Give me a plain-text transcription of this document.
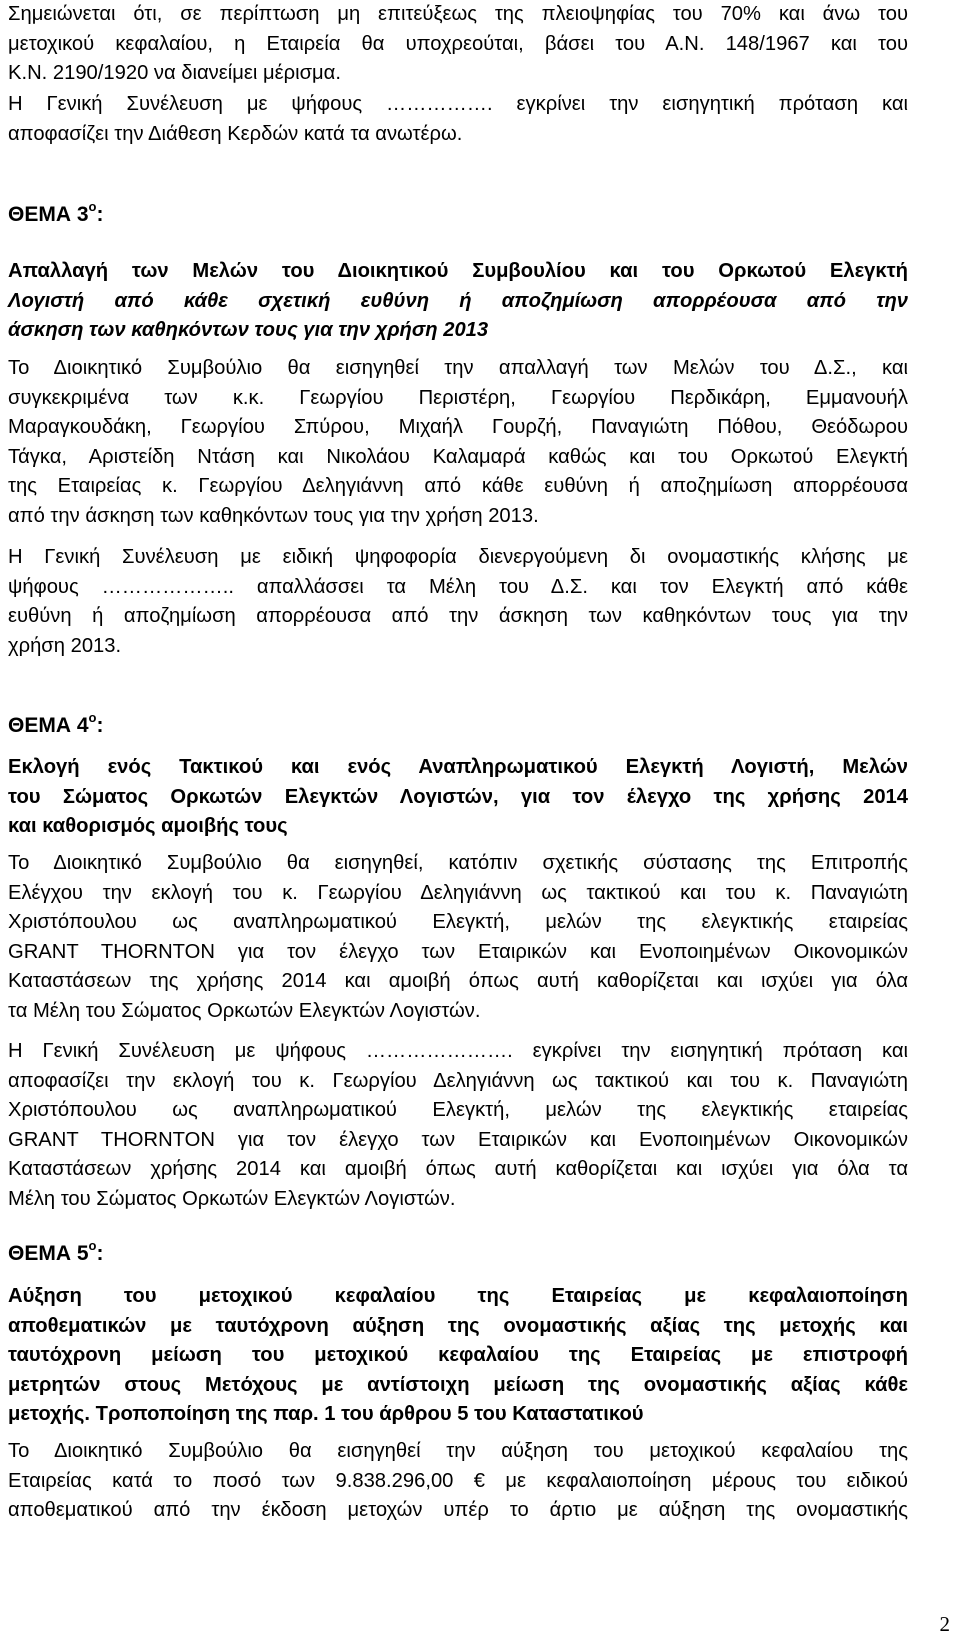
Σημειώνεται ότι, σε περίπτωση μη επιτεύξεως της πλειοψηφίας του 70% και άνω του
μετοχικού κεφαλαίου, η Εταιρεία θα υποχρεούται, βάσει του Α.Ν. 148/1967 και του
Κ.Ν. 2190/1920 να διανείμει μέρισμα.

Η Γενική Συνέλευση με ψήφους ……………. εγκρίνει την εισηγητική πρόταση και
αποφασίζει την Διάθεση Κερδών κατά τα ανωτέρω.

ΘΕΜΑ $3^o$:

Απαλλαγή των Μελών του Διοικητικού Συμβουλίου και του Ορκωτού Ελεγκτή
Λογιστή από κάθε σχετική ευθύνη ή αποζημίωση απορρέουσα από την
άσκηση των καθηκόντων τους για την χρήση 2013

Το Διοικητικό Συμβούλιο θα εισηγηθεί την απαλλαγή των Μελών του Δ.Σ., και
συγκεκριμένα των κ.κ. Γεωργίου Περιστέρη, Γεωργίου Περδικάρη, Εμμανουήλ
Μαραγκουδάκη, Γεωργίου Σπύρου, Μιχαήλ Γουρζή, Παναγιώτη Πόθου, Θεόδωρου
Τάγκα, Αριστείδη Ντάση και Νικολάου Καλαμαρά καθώς και του Ορκωτού Ελεγκτή
της Εταιρείας κ. Γεωργίου Δεληγιάννη από κάθε ευθύνη ή αποζημίωση απορρέουσα
από την άσκηση των καθηκόντων τους για την χρήση 2013.

Η Γενική Συνέλευση με ειδική ψηφοφορία διενεργούμενη δι ονομαστικής κλήσης με
ψήφους ……………….. απαλλάσσει τα Μέλη του Δ.Σ. και τον Ελεγκτή από κάθε
ευθύνη ή αποζημίωση απορρέουσα από την άσκηση των καθηκόντων τους για την
χρήση 2013.

ΘΕΜΑ $4^o$:

Εκλογή ενός Τακτικού και ενός Αναπληρωματικού Ελεγκτή Λογιστή, Μελών
του Σώματος Ορκωτών Ελεγκτών Λογιστών, για τον έλεγχο της χρήσης 2014
και καθορισμός αμοιβής τους

Το Διοικητικό Συμβούλιο θα εισηγηθεί, κατόπιν σχετικής σύστασης της Επιτροπής
Ελέγχου την εκλογή του κ. Γεωργίου Δεληγιάννη ως τακτικού και του κ. Παναγιώτη
Χριστόπουλου ως αναπληρωματικού Ελεγκτή, μελών της ελεγκτικής εταιρείας
GRANT THORNTON για τον έλεγχο των Εταιρικών και Ενοποιημένων Οικονομικών
Καταστάσεων της χρήσης 2014 και αμοιβή όπως αυτή καθορίζεται και ισχύει για όλα
τα Μέλη του Σώματος Ορκωτών Ελεγκτών Λογιστών.

Η Γενική Συνέλευση με ψήφους …………………. εγκρίνει την εισηγητική πρόταση και
αποφασίζει την εκλογή του κ. Γεωργίου Δεληγιάννη ως τακτικού και του κ. Παναγιώτη
Χριστόπουλου ως αναπληρωματικού Ελεγκτή, μελών της ελεγκτικής εταιρείας
GRANT THORNTON για τον έλεγχο των Εταιρικών και Ενοποιημένων Οικονομικών
Καταστάσεων χρήσης 2014 και αμοιβή όπως αυτή καθορίζεται και ισχύει για όλα τα
Μέλη του Σώματος Ορκωτών Ελεγκτών Λογιστών.

ΘΕΜΑ $5^o$:

Αύξηση του μετοχικού κεφαλαίου της Εταιρείας με κεφαλαιοποίηση
αποθεματικών με ταυτόχρονη αύξηση της ονομαστικής αξίας της μετοχής και
ταυτόχρονη μείωση του μετοχικού κεφαλαίου της Εταιρείας με επιστροφή
μετρητών στους Μετόχους με αντίστοιχη μείωση της ονομαστικής αξίας κάθε
μετοχής. Τροποποίηση της παρ. 1 του άρθρου 5 του Καταστατικού

Το Διοικητικό Συμβούλιο θα εισηγηθεί την αύξηση του μετοχικού κεφαλαίου της
Εταιρείας κατά το ποσό των 9.838.296,00 € με κεφαλαιοποίηση μέρους του ειδικού
αποθεματικού από την έκδοση μετοχών υπέρ το άρτιο με αύξηση της ονομαστικής

2
